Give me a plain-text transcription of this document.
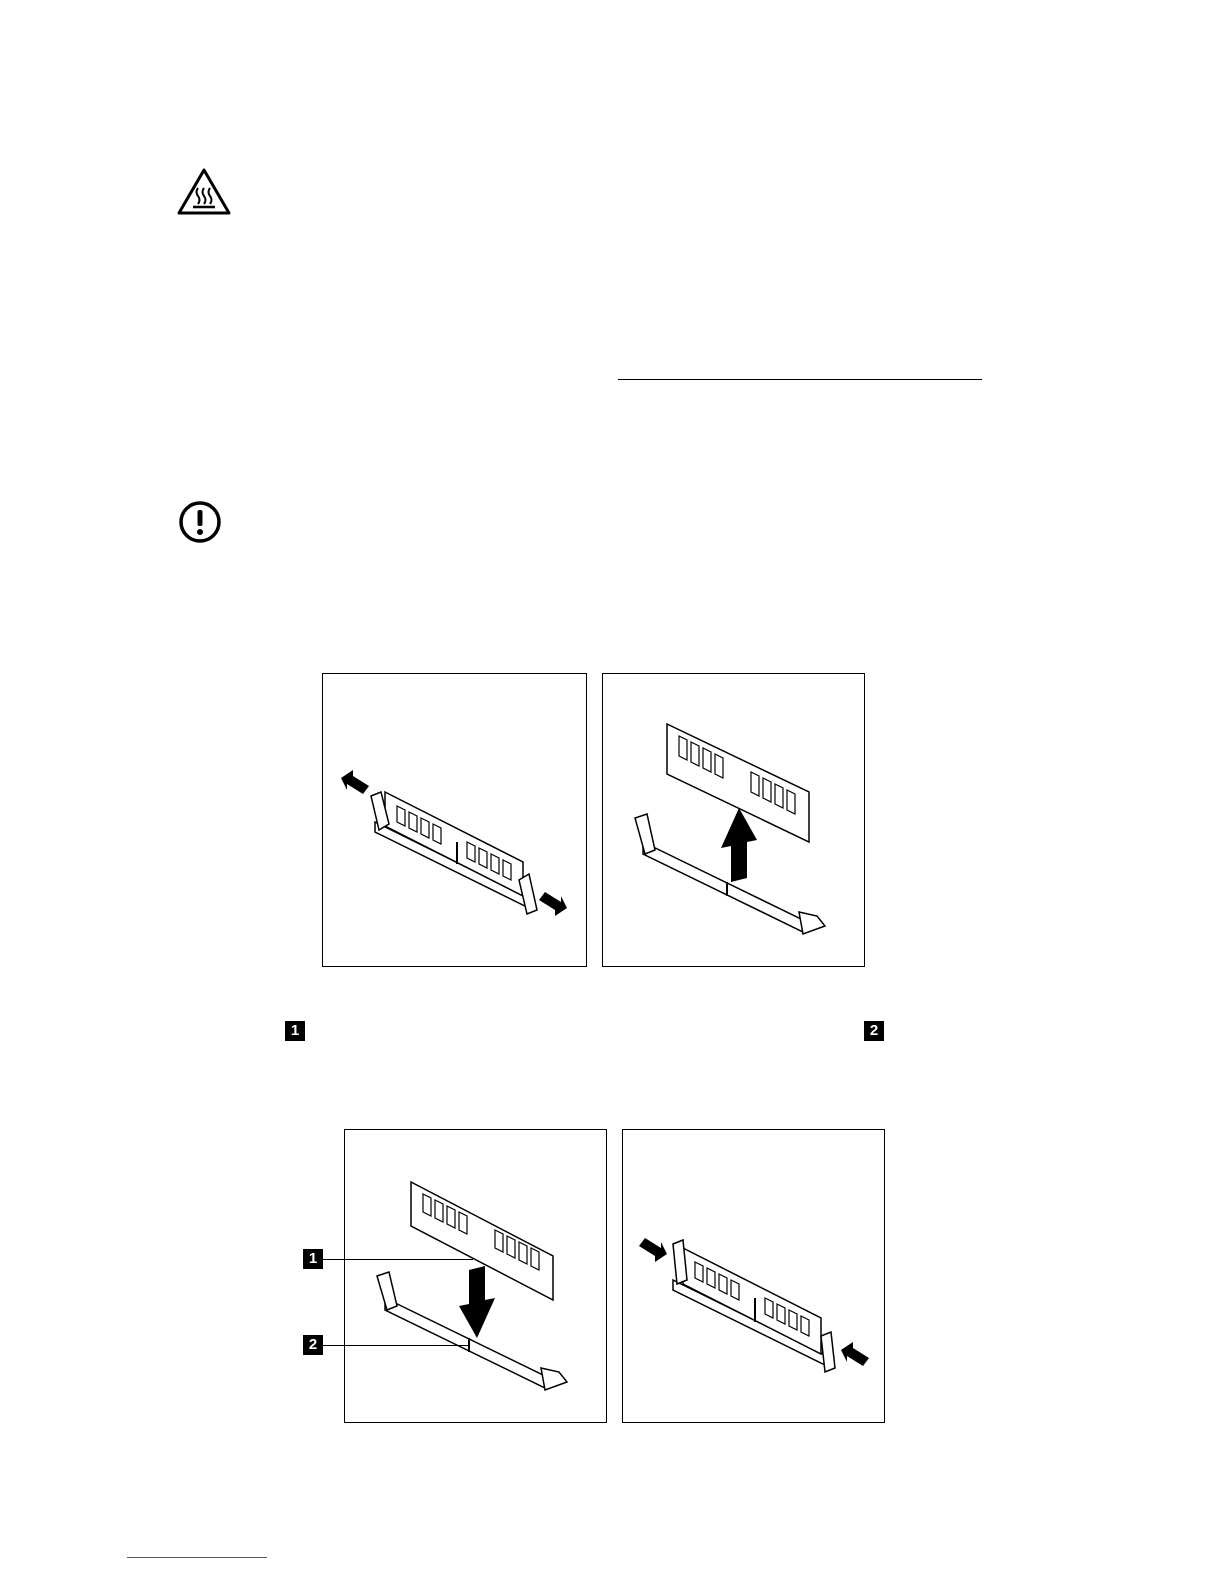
1	2
1
2
